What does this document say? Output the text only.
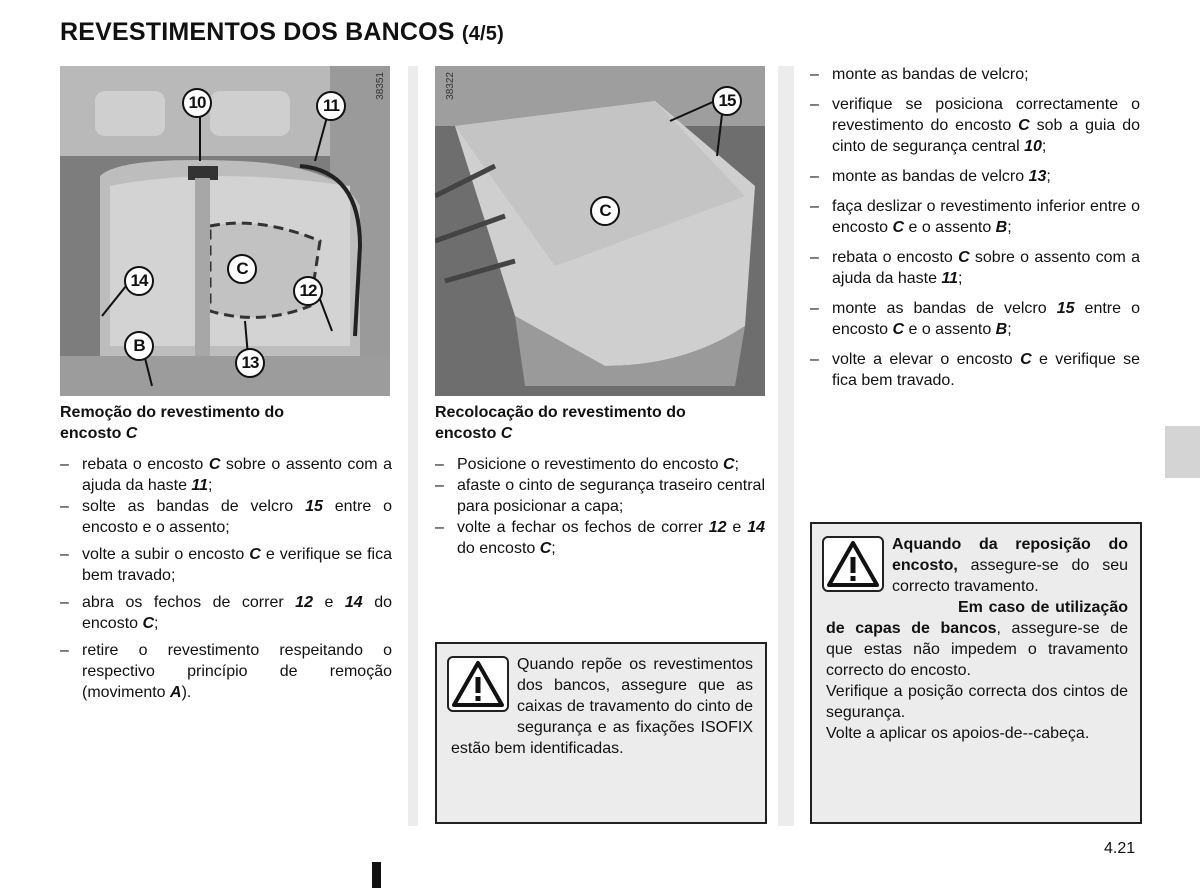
REVESTIMENTOS DOS BANCOS (4/5)
38351
10	11
C
14
12
B
13
38322
15
C
Remoção do revestimento do
encosto C
– rebata o encosto C sobre o assento com a ajuda da haste 11;
– solte as bandas de velcro 15 entre o encosto e o assento;
– volte a subir o encosto C e verifique se fica bem travado;
– abra os fechos de correr 12 e 14 do encosto C;
– retire o revestimento respeitando o respectivo princípio de remoção (movimento A).
Recolocação do revestimento do
encosto C
– Posicione o revestimento do encosto C;
– afaste o cinto de segurança traseiro central para posicionar a capa;
– volte a fechar os fechos de correr 12 e 14 do encosto C;
Quando repõe os revestimentos dos bancos, assegure que as caixas de travamento do cinto de segurança e as fixações ISOFIX estão bem identificadas.
– monte as bandas de velcro;
– verifique se posiciona correctamente o revestimento do encosto C sob a guia do cinto de segurança central 10;
– monte as bandas de velcro 13;
– faça deslizar o revestimento inferior entre o encosto C e o assento B;
– rebata o encosto C sobre o assento com a ajuda da haste 11;
– monte as bandas de velcro 15 entre o encosto C e o assento B;
– volte a elevar o encosto C e verifique se fica bem travado.
Aquando da reposição do encosto, assegure-se do seu correcto travamento.
Em caso de utilização de capas de bancos, assegure-se de que estas não impedem o travamento correcto do encosto.
Verifique a posição correcta dos cintos de segurança.
Volte a aplicar os apoios-de--cabeça.
4.21
